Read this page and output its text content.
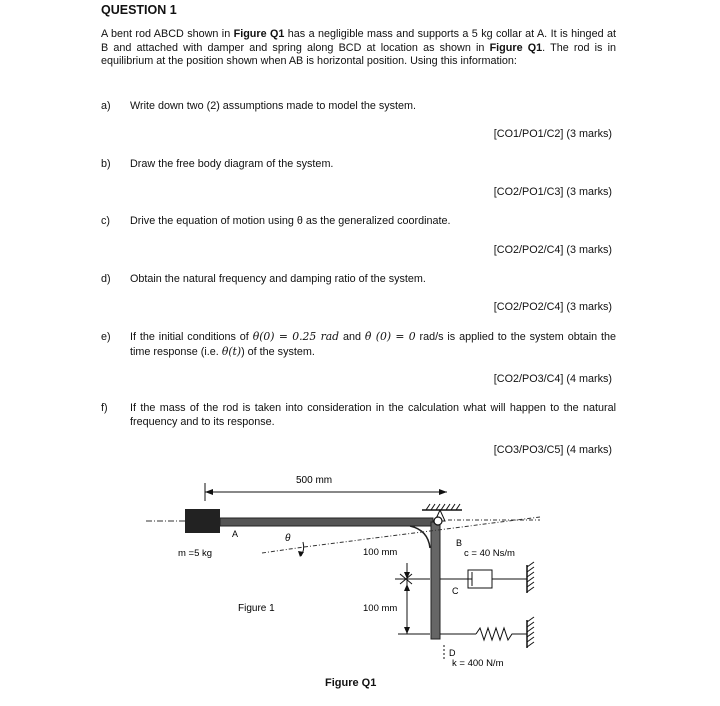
QUESTION 1
A bent rod ABCD shown in Figure Q1 has a negligible mass and supports a 5 kg collar at A. It is hinged at B and attached with damper and spring along BCD at location as shown in Figure Q1. The rod is in equilibrium at the position shown when AB is horizontal position. Using this information:
a) Write down two (2) assumptions made to model the system.
[CO1/PO1/C2] (3 marks)
b) Draw the free body diagram of the system.
[CO2/PO1/C3] (3 marks)
c) Drive the equation of motion using θ as the generalized coordinate.
[CO2/PO2/C4] (3 marks)
d) Obtain the natural frequency and damping ratio of the system.
[CO2/PO2/C4] (3 marks)
e) If the initial conditions of θ(0) = 0.25 rad and θ̇ (0) = 0 rad/s is applied to the system obtain the time response (i.e. θ(t)) of the system.
[CO2/PO3/C4] (4 marks)
f) If the mass of the rod is taken into consideration in the calculation what will happen to the natural frequency and to its response.
[CO3/PO3/C5] (4 marks)
500 mm
A	θ	B
m =5 kg	100 mm
100 mm
c = 40 Ns/m
C
D
k = 400 N/m
Figure 1
Figure Q1
